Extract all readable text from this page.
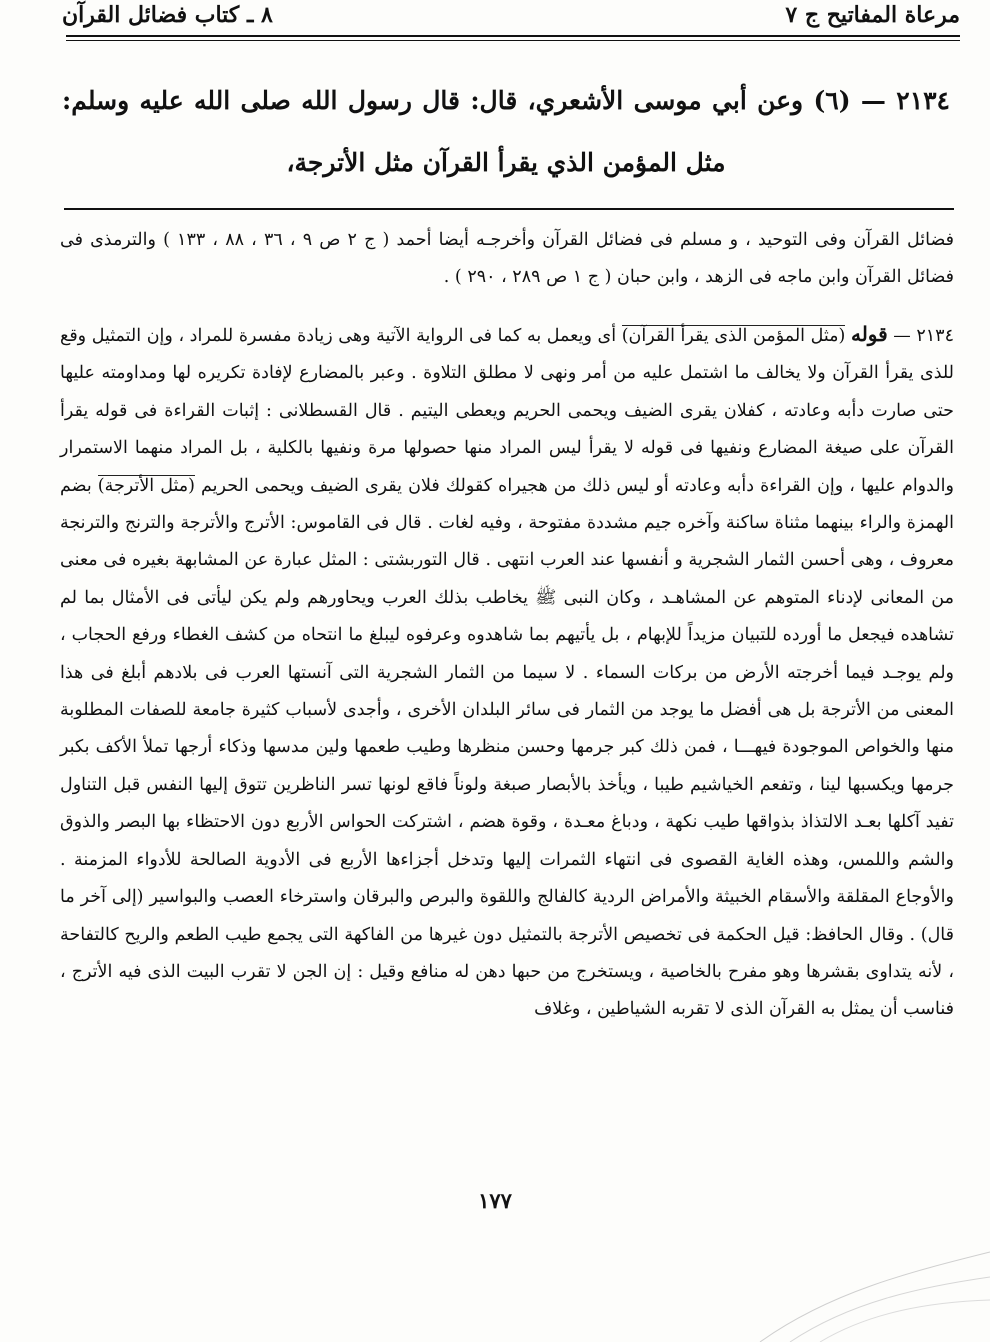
مرعاة المفاتيح ج ٧
٨ ـ كتاب فضائل القرآن
٢١٣٤ — (٦) وعن أبي موسى الأشعري، قال: قال رسول الله صلى الله عليه وسلم: مثل المؤمن الذي يقرأ القرآن مثل الأترجة،
فضائل القرآن وفى التوحيد ، و مسلم فى فضائل القرآن وأخرجـه أيضا أحمد ( ج ٢ ص ٩ ، ٣٦ ، ٨٨ ، ١٣٣ ) والترمذى فى فضائل القرآن وابن ماجه فى الزهد ، وابن حبان ( ج ١ ص ٢٨٩ ، ٢٩٠ ) .
٢١٣٤ — قوله (مثل المؤمن الذى يقرأ القرآن) أى ويعمل به كما فى الرواية الآتية وهى زيادة مفسرة للمراد ، وإن التمثيل وقع للذى يقرأ القرآن ولا يخالف ما اشتمل عليه من أمر ونهى لا مطلق التلاوة . وعبر بالمضارع لإفادة تكريره لها ومداومته عليها حتى صارت دأبه وعادته ، كفلان يقرى الضيف ويحمى الحريم ويعطى اليتيم . قال القسطلانى : إثبات القراءة فى قوله يقرأ القرآن على صيغة المضارع ونفيها فى قوله لا يقرأ ليس المراد منها حصولها مرة ونفيها بالكلية ، بل المراد منهما الاستمرار والدوام عليها ، وإن القراءة دأبه وعادته أو ليس ذلك من هجيراه كقولك فلان يقرى الضيف ويحمى الحريم (مثل الأترجة) بضم الهمزة والراء بينهما مثناة ساكنة وآخره جيم مشددة مفتوحة ، وفيه لغات . قال فى القاموس: الأترج والأترجة والترنج والترنجة معروف ، وهى أحسن الثمار الشجرية و أنفسها عند العرب انتهى . قال التوربشتى : المثل عبارة عن المشابهة بغيره فى معنى من المعانى لإدناء المتوهم عن المشاهـد ، وكان النبى ﷺ يخاطب بذلك العرب ويحاورهم ولم يكن ليأتى فى الأمثال بما لم تشاهده فيجعل ما أورده للتبيان مزيداً للإبهام ، بل يأتيهم بما شاهدوه وعرفوه ليبلغ ما انتحاه من كشف الغطاء ورفع الحجاب ، ولم يوجـد فيما أخرجته الأرض من بركات السماء . لا سيما من الثمار الشجرية التى آنستها العرب فى بلادهم أبلغ فى هذا المعنى من الأترجة بل هى أفضل ما يوجد من الثمار فى سائر البلدان الأخرى ، وأجدى لأسباب كثيرة جامعة للصفات المطلوبة منها والخواص الموجودة فيهـــا ، فمن ذلك كبر جرمها وحسن منظرها وطيب طعمها ولين مدسها وذكاء أرجها تملأ الأكف بكبر جرمها ويكسبها لينا ، وتفعم الخياشيم طيبا ، ويأخذ بالأبصار صبغة ولوناً فاقع لونها تسر الناظرين تتوق إليها النفس قبل التناول تفيد آكلها بعـد الالتذاذ بذواقها طيب نكهة ، ودباغ معـدة ، وقوة هضم ، اشتركت الحواس الأربع دون الاحتظاء بها البصر والذوق والشم واللمس، وهذه الغاية القصوى فى انتهاء الثمرات إليها وتدخل أجزاءها الأربع فى الأدوية الصالحة للأدواء المزمنة . والأوجاع المقلقة والأسقام الخبيثة والأمراض الردية كالفالج واللقوة والبرص والبرقان واسترخاء العصب والبواسير (إلى آخر ما قال) . وقال الحافظ: قيل الحكمة فى تخصيص الأترجة بالتمثيل دون غيرها من الفاكهة التى يجمع طيب الطعم والريح كالتفاحة ، لأنه يتداوى بقشرها وهو مفرح بالخاصية ، ويستخرج من حبها دهن له منافع وقيل : إن الجن لا تقرب البيت الذى فيه الأترج ، فناسب أن يمثل به القرآن الذى لا تقربه الشياطين ، وغلاف
١٧٧
